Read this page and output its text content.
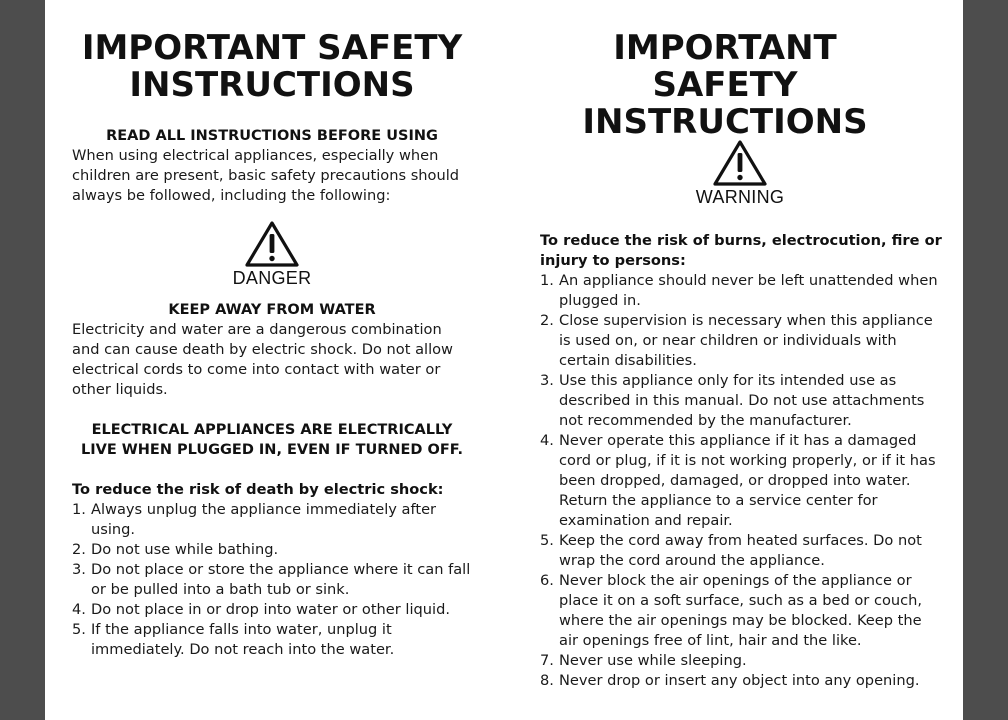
IMPORTANT SAFETY
INSTRUCTIONS
READ ALL INSTRUCTIONS BEFORE USING
When using electrical appliances, especially when children are present, basic safety precautions should always be followed, including the following:
DANGER
KEEP AWAY FROM WATER
Electricity and water are a dangerous combination and can cause death by electric shock. Do not allow electrical cords to come into contact with water or other liquids.
ELECTRICAL APPLIANCES ARE ELECTRICALLY
LIVE WHEN PLUGGED IN, EVEN IF TURNED OFF.
To reduce the risk of death by electric shock:
1. Always unplug the appliance immediately after using.
2. Do not use while bathing.
3. Do not place or store the appliance where it can fall or be pulled into a bath tub or sink.
4. Do not place in or drop into water or other liquid.
5. If the appliance falls into water, unplug it immediately. Do not reach into the water.
IMPORTANT SAFETY
INSTRUCTIONS
WARNING
To reduce the risk of burns, electrocution, fire or injury to persons:
1. An appliance should never be left unattended when plugged in.
2. Close supervision is necessary when this appliance is used on, or near children or individuals with certain disabilities.
3. Use this appliance only for its intended use as described in this manual. Do not use attachments not recommended by the manufacturer.
4. Never operate this appliance if it has a damaged cord or plug, if it is not working properly, or if it has been dropped, damaged, or dropped into water. Return the appliance to a service center for examination and repair.
5. Keep the cord away from heated surfaces. Do not wrap the cord around the appliance.
6. Never block the air openings of the appliance or place it on a soft surface, such as a bed or couch, where the air openings may be blocked. Keep the air openings free of lint, hair and the like.
7. Never use while sleeping.
8. Never drop or insert any object into any opening.
